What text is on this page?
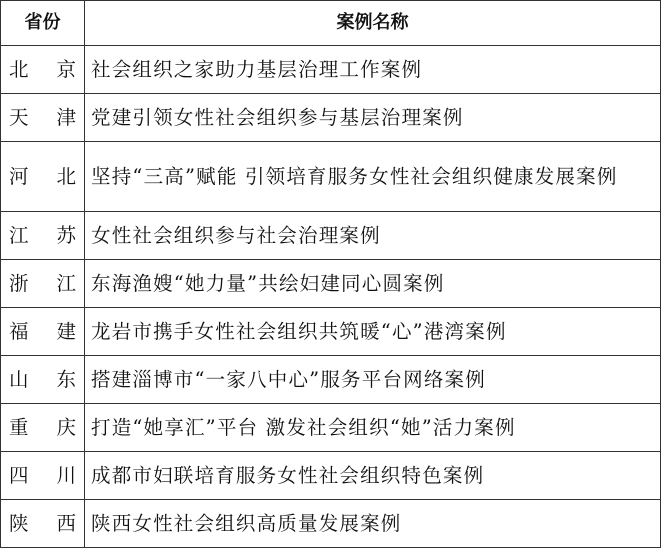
省份	案例名称
北京	社会组织之家助力基层治理工作案例
天津	党建引领女性社会组织参与基层治理案例
河北	坚持“三高”赋能 引领培育服务女性社会组织健康发展案例
江苏	女性社会组织参与社会治理案例
浙江	东海渔嫂“她力量”共绘妇建同心圆案例
福建	龙岩市携手女性社会组织共筑暖“心”港湾案例
山东	搭建淄博市“一家八中心”服务平台网络案例
重庆	打造“她享汇”平台 激发社会组织“她”活力案例
四川	成都市妇联培育服务女性社会组织特色案例
陕西	陕西女性社会组织高质量发展案例
